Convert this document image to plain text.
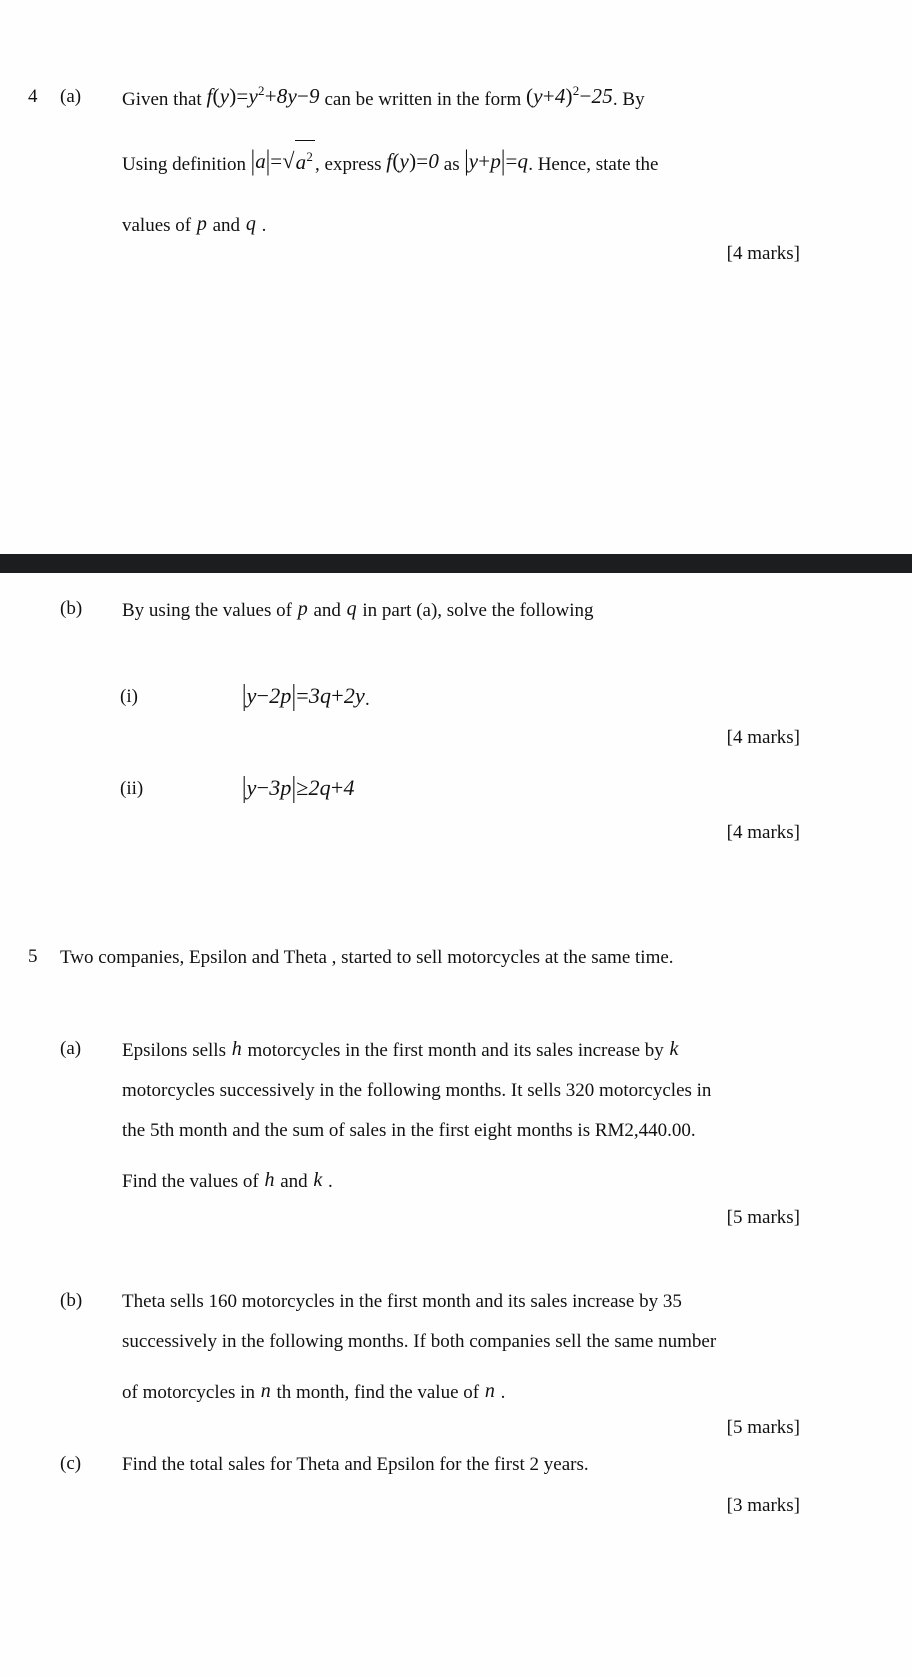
4	(a)	Given that $f(y)=y^2+8y-9$ can be written in the form $(y+4)^2-25$. By

Using definition $|a|=√a^2$ , express f(y)=0 as |y+p|=q. Hence, state the

values of p and q .

[4 marks]
(b)	By using the values of p and q in part (a), solve the following

(i)	|y−2p|=3q+2y.

[4 marks]
(ii)	|y−3p|≥2q+4

[4 marks]
5	Two companies, Epsilon and Theta , started to sell motorcycles at the same time.
(a)	Epsilons sells h motorcycles in the first month and its sales increase by k

motorcycles successively in the following months. It sells 320 motorcycles in

the 5th month and the sum of sales in the first eight months is RM2,440.00.

Find the values of h and k .

[5 marks]
(b)	Theta sells 160 motorcycles in the first month and its sales increase by 35

successively in the following months. If both companies sell the same number

of motorcycles in n th month, find the value of n .

[5 marks]
(c)	Find the total sales for Theta and Epsilon for the first 2 years.

[3 marks]
